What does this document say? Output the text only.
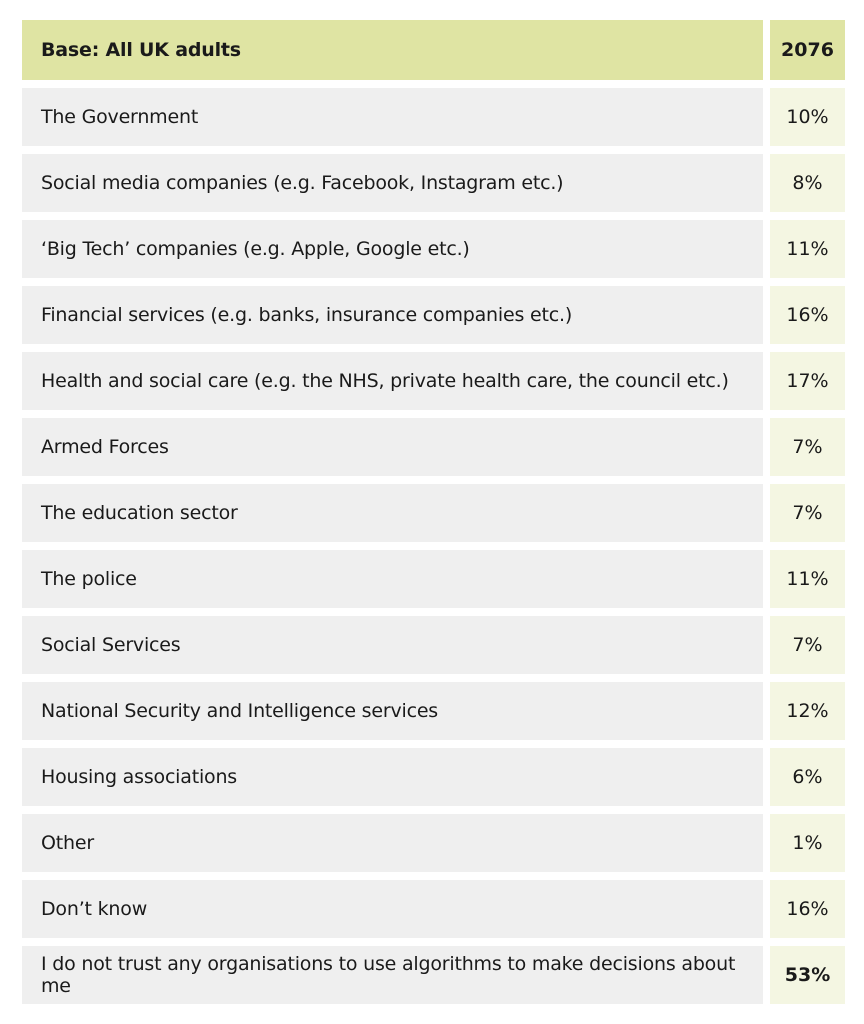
Base: All UK adults	2076
The Government	10%
Social media companies (e.g. Facebook, Instagram etc.)	8%
‘Big Tech’ companies (e.g. Apple, Google etc.)	11%
Financial services (e.g. banks, insurance companies etc.)	16%
Health and social care (e.g. the NHS, private health care, the council etc.)	17%
Armed Forces	7%
The education sector	7%
The police	11%
Social Services	7%
National Security and Intelligence services	12%
Housing associations	6%
Other	1%
Don’t know	16%
I do not trust any organisations to use algorithms to make decisions about me	53%
